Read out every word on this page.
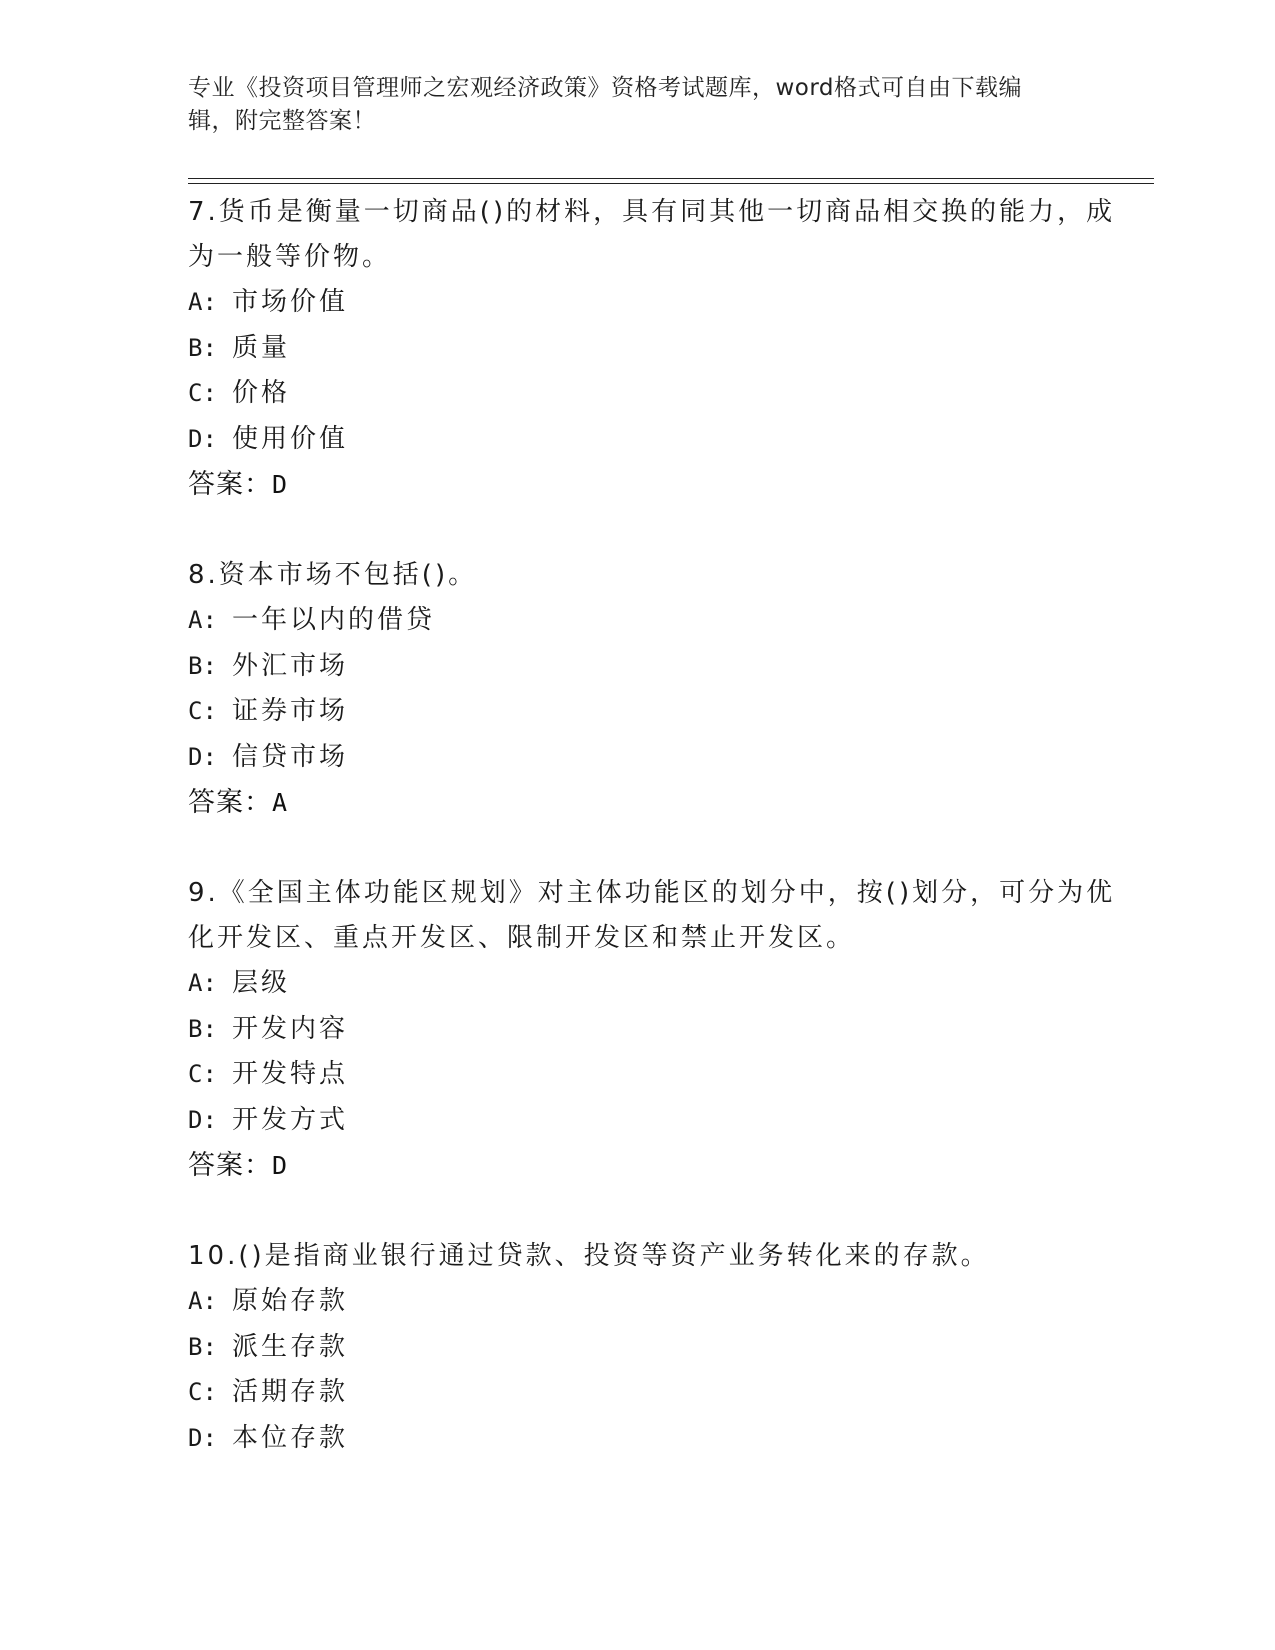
专业《投资项目管理师之宏观经济政策》资格考试题库，word格式可自由下载编辑，附完整答案！

7.货币是衡量一切商品()的材料，具有同其他一切商品相交换的能力，成为一般等价物。

A: 市场价值
B: 质量
C: 价格
D: 使用价值
答案：D

8.资本市场不包括()。

A: 一年以内的借贷
B: 外汇市场
C: 证券市场
D: 信贷市场
答案：A

9.《全国主体功能区规划》对主体功能区的划分中，按()划分，可分为优化开发区、重点开发区、限制开发区和禁止开发区。

A: 层级
B: 开发内容
C: 开发特点
D: 开发方式
答案：D

10.()是指商业银行通过贷款、投资等资产业务转化来的存款。

A: 原始存款
B: 派生存款
C: 活期存款
D: 本位存款
